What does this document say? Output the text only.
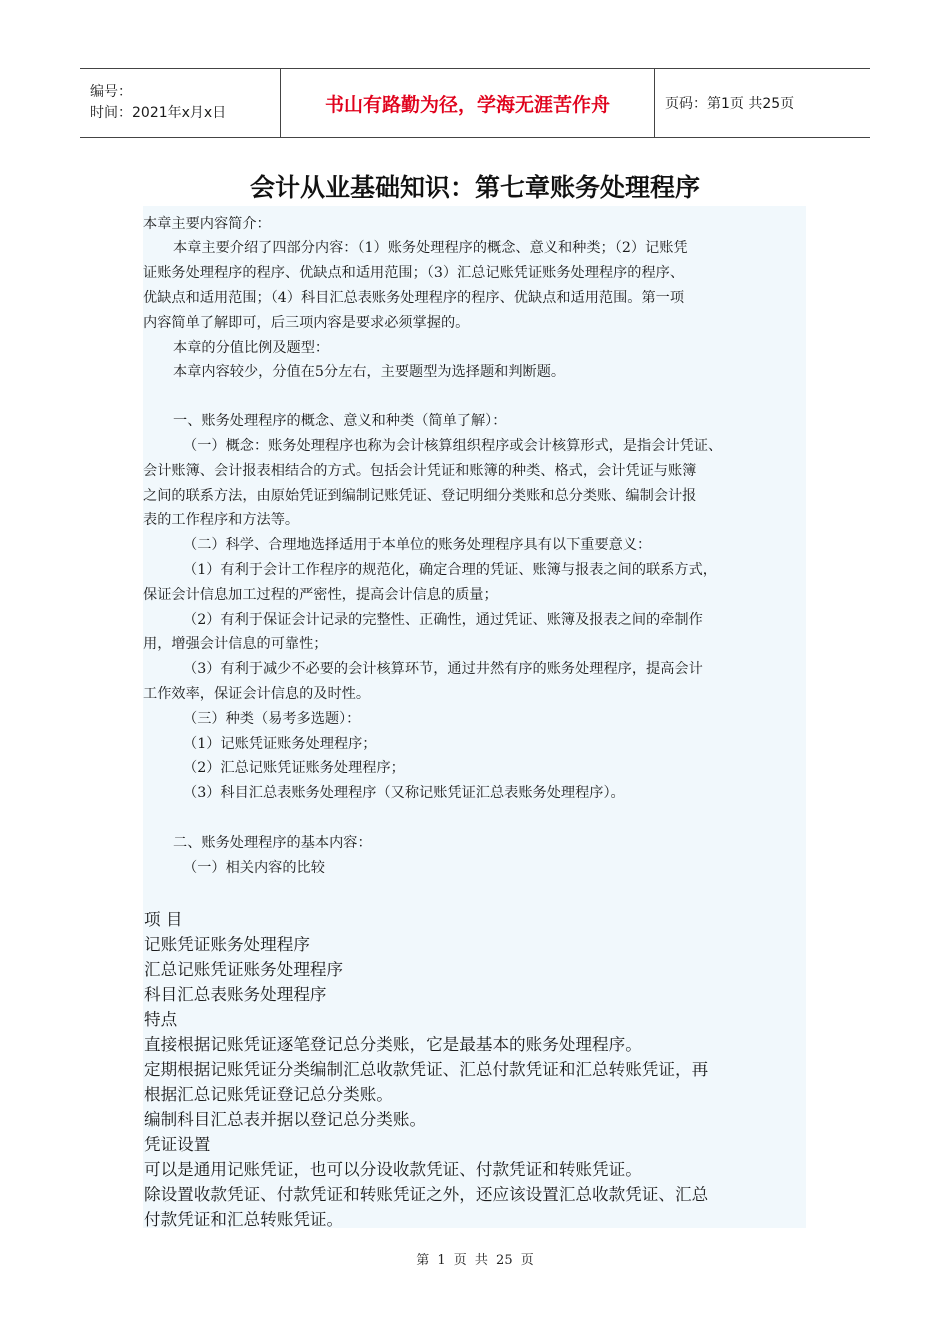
编号：
时间：2021年x月x日	书山有路勤为径，学海无涯苦作舟	页码：第1页 共25页
会计从业基础知识：第七章账务处理程序
本章主要内容简介：
本章主要介绍了四部分内容：（1）账务处理程序的概念、意义和种类；（2）记账凭
证账务处理程序的程序、优缺点和适用范围；（3）汇总记账凭证账务处理程序的程序、
优缺点和适用范围；（4）科目汇总表账务处理程序的程序、优缺点和适用范围。第一项
内容简单了解即可，后三项内容是要求必须掌握的。
本章的分值比例及题型：
本章内容较少，分值在5分左右，主要题型为选择题和判断题。
一、账务处理程序的概念、意义和种类（简单了解）：
（一）概念：账务处理程序也称为会计核算组织程序或会计核算形式，是指会计凭证、
会计账簿、会计报表相结合的方式。包括会计凭证和账簿的种类、格式，会计凭证与账簿
之间的联系方法，由原始凭证到编制记账凭证、登记明细分类账和总分类账、编制会计报
表的工作程序和方法等。
（二）科学、合理地选择适用于本单位的账务处理程序具有以下重要意义：
（1）有利于会计工作程序的规范化，确定合理的凭证、账簿与报表之间的联系方式，
保证会计信息加工过程的严密性，提高会计信息的质量；
（2）有利于保证会计记录的完整性、正确性，通过凭证、账簿及报表之间的牵制作
用，增强会计信息的可靠性；
（3）有利于减少不必要的会计核算环节，通过井然有序的账务处理程序，提高会计
工作效率，保证会计信息的及时性。
（三）种类（易考多选题）：
（1）记账凭证账务处理程序；
（2）汇总记账凭证账务处理程序；
（3）科目汇总表账务处理程序（又称记账凭证汇总表账务处理程序）。
二、账务处理程序的基本内容：
（一）相关内容的比较
项 目
记账凭证账务处理程序
汇总记账凭证账务处理程序
科目汇总表账务处理程序
特点
直接根据记账凭证逐笔登记总分类账，它是最基本的账务处理程序。
定期根据记账凭证分类编制汇总收款凭证、汇总付款凭证和汇总转账凭证，再
根据汇总记账凭证登记总分类账。
编制科目汇总表并据以登记总分类账。
凭证设置
可以是通用记账凭证，也可以分设收款凭证、付款凭证和转账凭证。
除设置收款凭证、付款凭证和转账凭证之外，还应该设置汇总收款凭证、汇总
付款凭证和汇总转账凭证。
第 1 页 共 25 页
